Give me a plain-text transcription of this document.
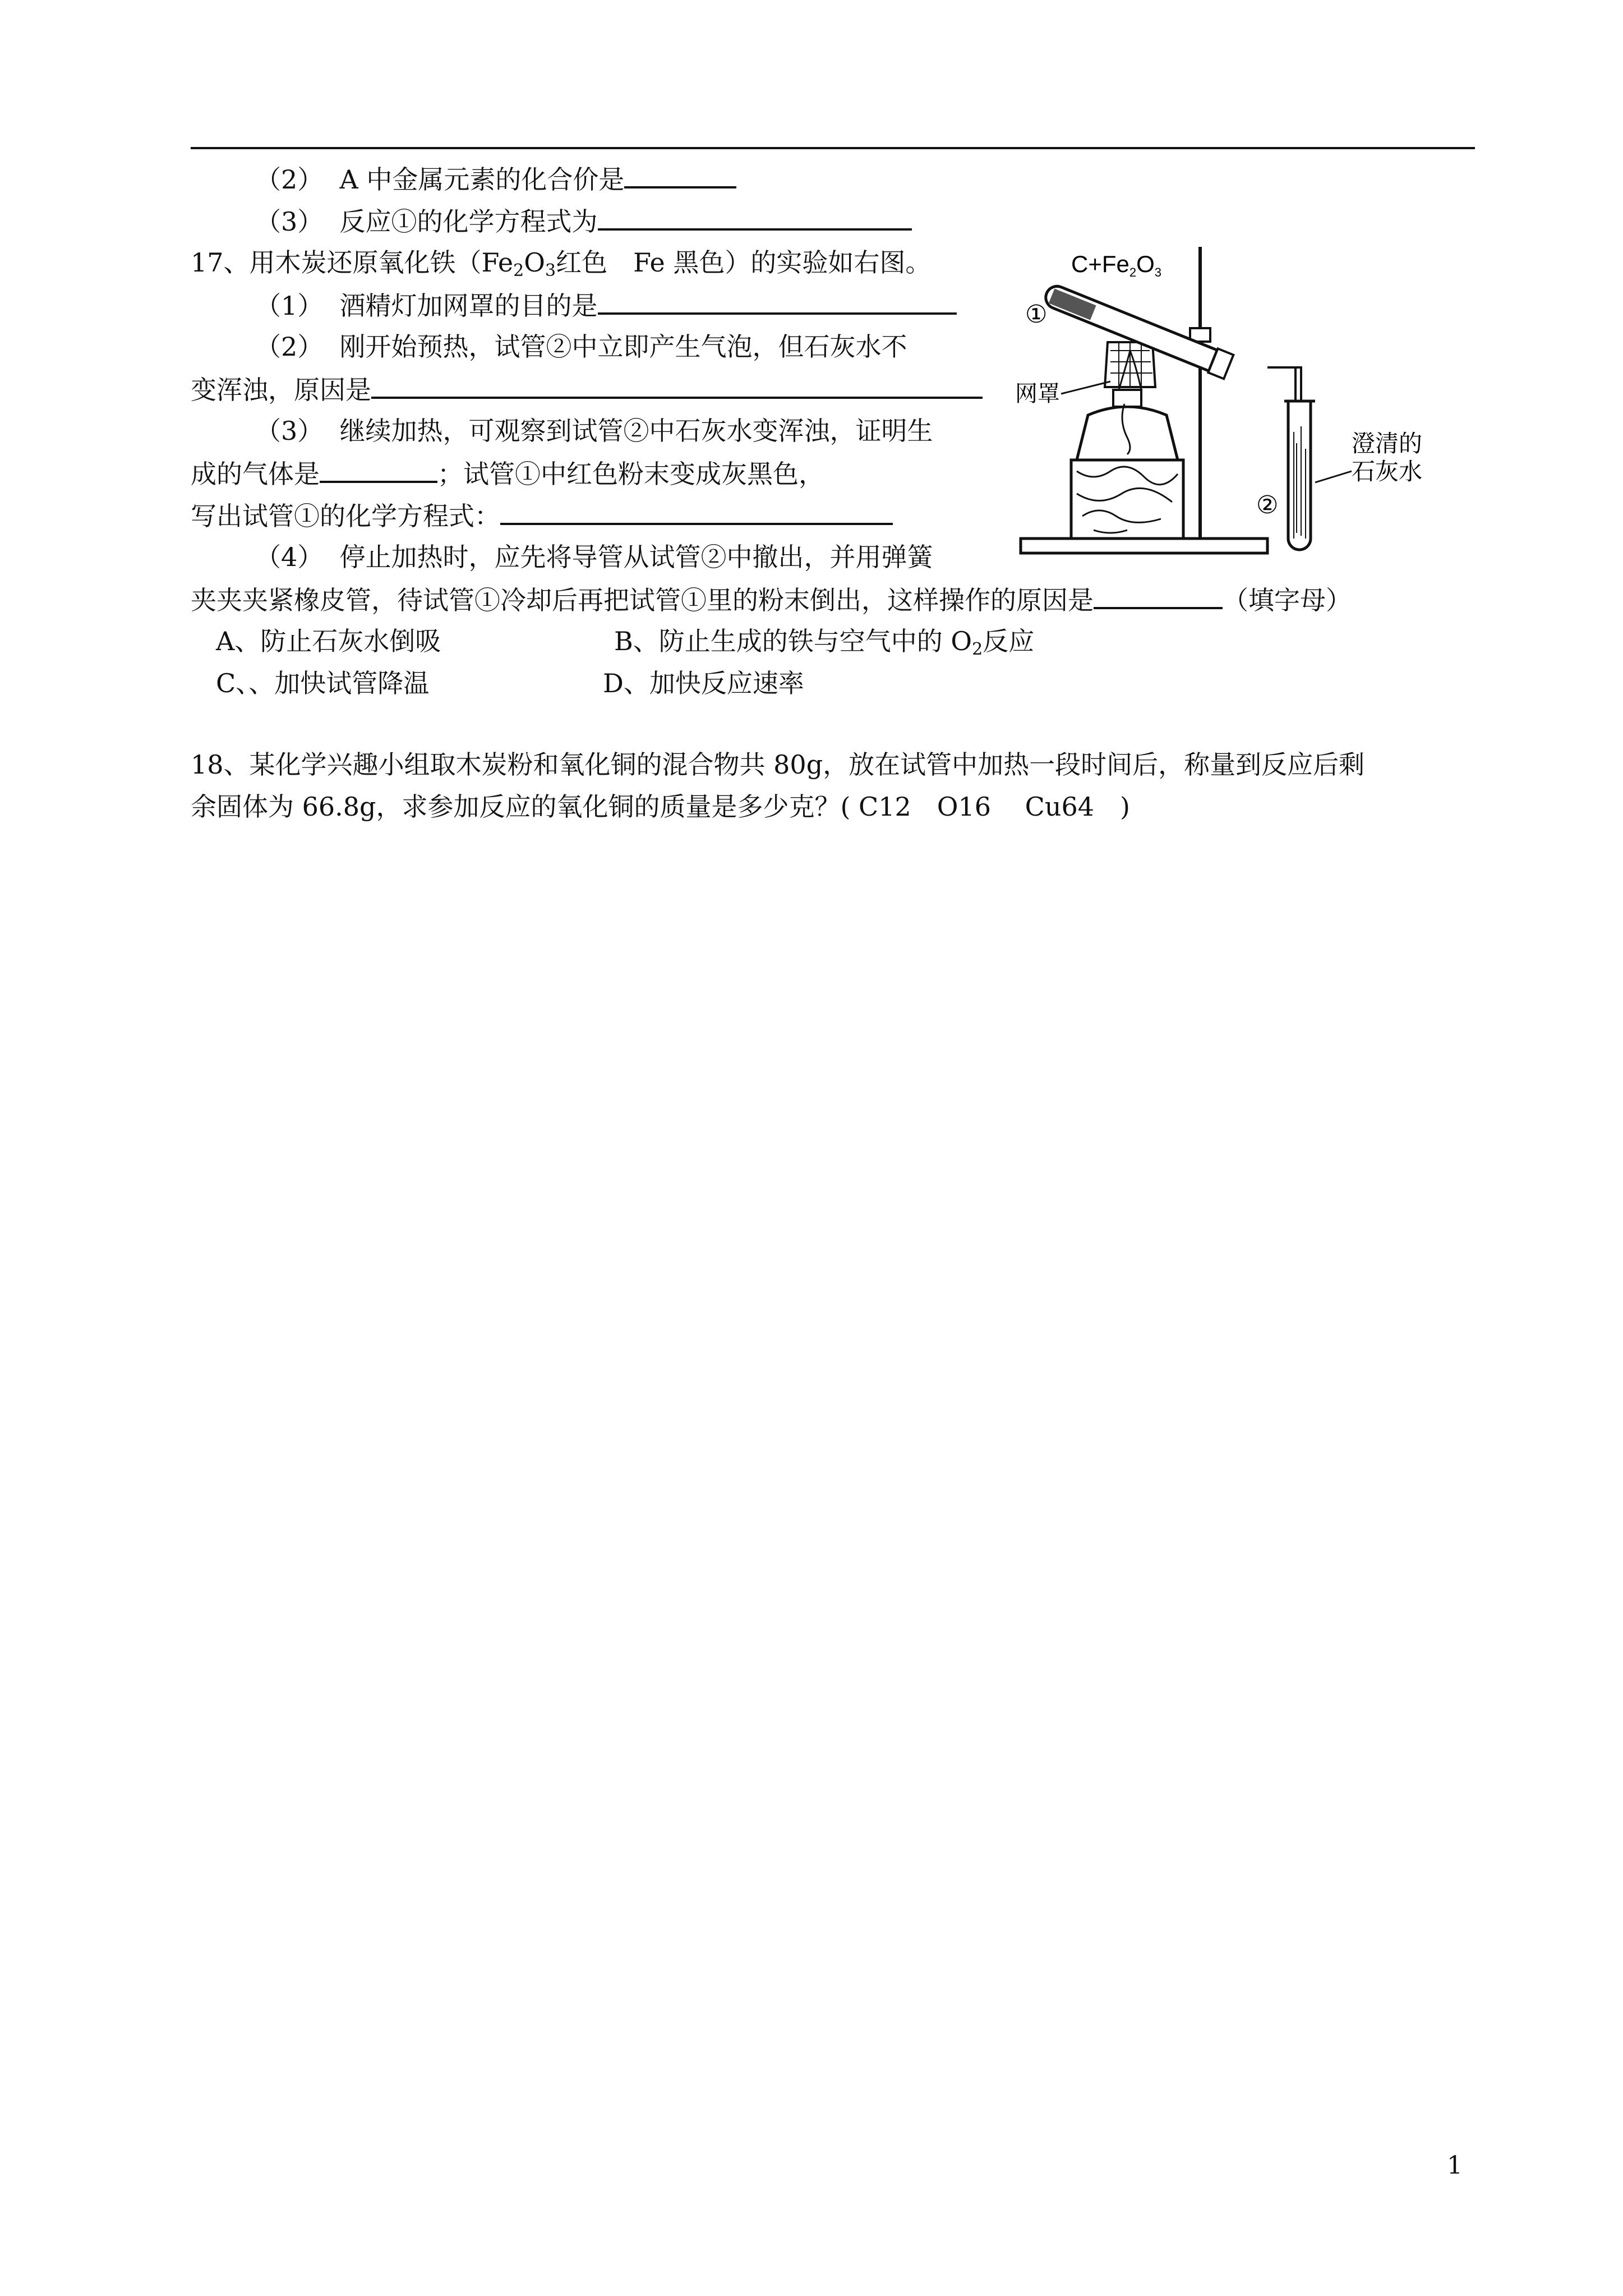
（2） A 中金属元素的化合价是
（3） 反应①的化学方程式为
17、用木炭还原氧化铁（$Fe_2O_3$红色　Fe 黑色）的实验如右图。
（1） 酒精灯加网罩的目的是
（2） 刚开始预热，试管②中立即产生气泡，但石灰水不
变浑浊，原因是
（3） 继续加热，可观察到试管②中石灰水变浑浊，证明生
成的气体是	；试管①中红色粉末变成灰黑色，
写出试管①的化学方程式：
（4） 停止加热时，应先将导管从试管②中撤出，并用弹簧
夹夹夹紧橡皮管，待试管①冷却后再把试管①里的粉末倒出，这样操作的原因是	（填字母）
A、防止石灰水倒吸	B、防止生成的铁与空气中的 $O_2$反应
C、、加快试管降温	D、加快反应速率
C+Fe2O3
①
网罩
②
澄清的
石灰水
18、某化学兴趣小组取木炭粉和氧化铜的混合物共 80g，放在试管中加热一段时间后，称量到反应后剩
余固体为 66.8g，求参加反应的氧化铜的质量是多少克？( C12　O16　 Cu64　)
1
